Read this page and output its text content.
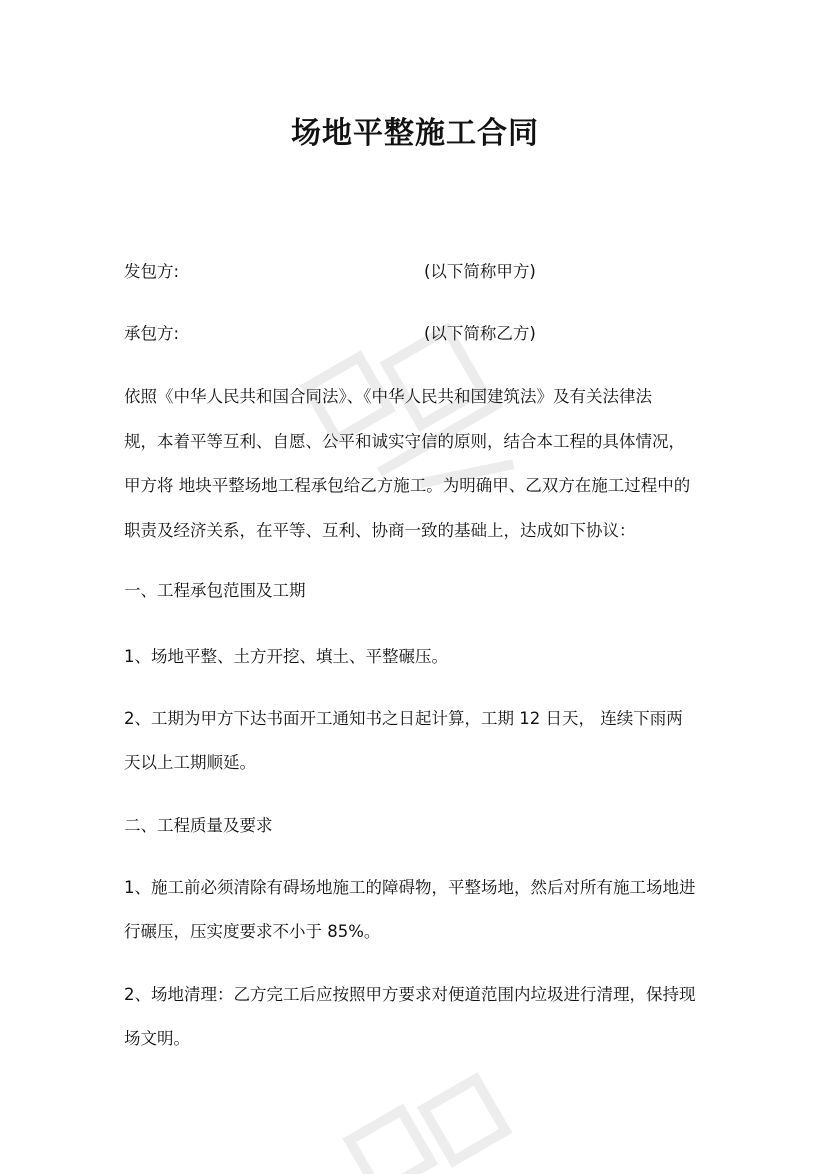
场地平整施工合同
发包方:	(以下简称甲方)
承包方:	(以下简称乙方)
依照《中华人民共和国合同法》、《中华人民共和国建筑法》及有关法律法
规，本着平等互利、自愿、公平和诚实守信的原则，结合本工程的具体情况，
甲方将 地块平整场地工程承包给乙方施工。为明确甲、乙双方在施工过程中的
职责及经济关系，在平等、互利、协商一致的基础上，达成如下协议：
一、工程承包范围及工期
1、场地平整、土方开挖、填土、平整碾压。
2、工期为甲方下达书面开工通知书之日起计算，工期 12 日天， 连续下雨两
天以上工期顺延。
二、工程质量及要求
1、施工前必须清除有碍场地施工的障碍物，平整场地，然后对所有施工场地进
行碾压，压实度要求不小于 85%。
2、场地清理：乙方完工后应按照甲方要求对便道范围内垃圾进行清理，保持现
场文明。
